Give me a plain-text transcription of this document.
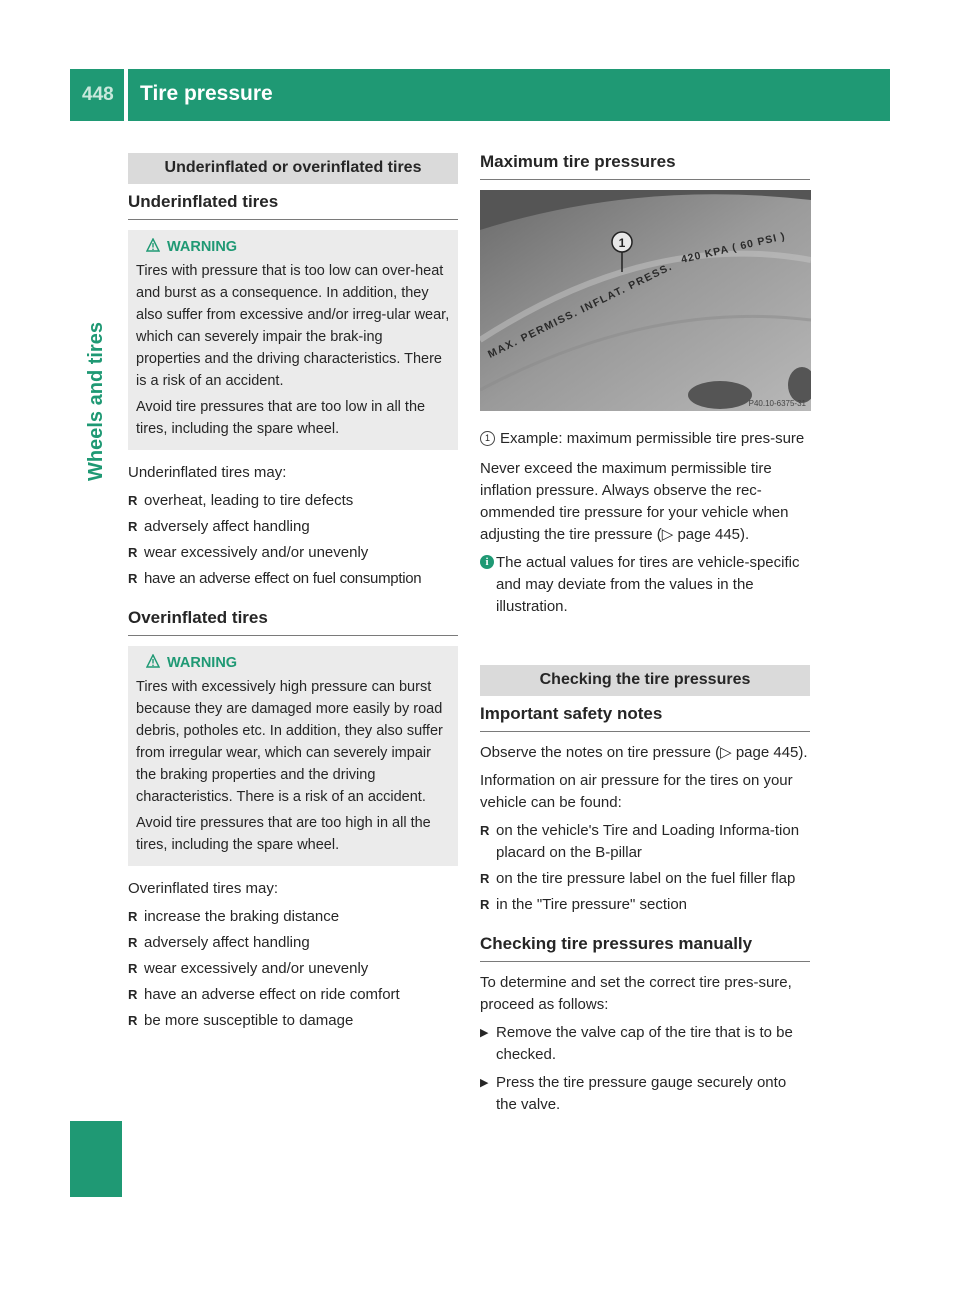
448 Tire pressure
Wheels and tires
Underinflated or overinflated tires
Underinflated tires
WARNING

Tires with pressure that is too low can over-heat and burst as a consequence. In addition, they also suffer from excessive and/or irreg-ular wear, which can severely impair the brak-ing properties and the driving characteristics. There is a risk of an accident.

Avoid tire pressures that are too low in all the tires, including the spare wheel.

Underinflated tires may:

R overheat, leading to tire defects
R adversely affect handling
R wear excessively and/or unevenly
R have an adverse effect on fuel consumption
Overinflated tires
WARNING

Tires with excessively high pressure can burst because they are damaged more easily by road debris, potholes etc. In addition, they also suffer from irregular wear, which can severely impair the braking properties and the driving characteristics. There is a risk of an accident.

Avoid tire pressures that are too high in all the tires, including the spare wheel.

Overinflated tires may:

R increase the braking distance
R adversely affect handling
R wear excessively and/or unevenly
R have an adverse effect on ride comfort
R be more susceptible to damage
Maximum tire pressures
MAX. PERMISS. INFLAT. PRESS.
420 KPA ( 60 PSI )
1
P40.10-6375-31
1 Example: maximum permissible tire pres-sure

Never exceed the maximum permissible tire inflation pressure. Always observe the rec-ommended tire pressure for your vehicle when adjusting the tire pressure (▷ page 445).

i The actual values for tires are vehicle-specific and may deviate from the values in the illustration.
Checking the tire pressures
Important safety notes

Observe the notes on tire pressure (▷ page 445).

Information on air pressure for the tires on your vehicle can be found:

R on the vehicle's Tire and Loading Informa-tion placard on the B-pillar
R on the tire pressure label on the fuel filler flap
R in the "Tire pressure" section
Checking tire pressures manually

To determine and set the correct tire pres-sure, proceed as follows:

▶ Remove the valve cap of the tire that is to be checked.
▶ Press the tire pressure gauge securely onto the valve.
